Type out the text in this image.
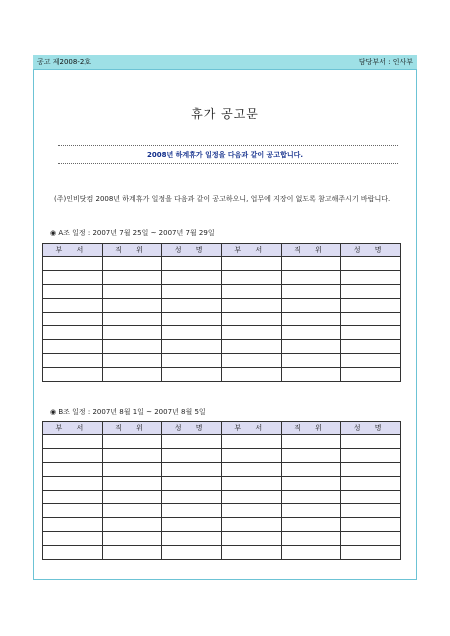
공고 제2008-2호	담당부서 : 인사부
휴가 공고문
2008년 하계휴가 일정을 다음과 같이 공고합니다.
(주)인비닷컴 2008년 하계휴가 일정을 다음과 같이 공고하오니, 업무에 지장이 없도록 참고해주시기 바랍니다.
◉ A조 일정 : 2007년 7월 25일 ~ 2007년 7월 29일
부 서	직 위	성 명	부 서	직 위	성 명

◉ B조 일정 : 2007년 8월 1일 ~ 2007년 8월 5일
부 서	직 위	성 명	부 서	직 위	성 명
